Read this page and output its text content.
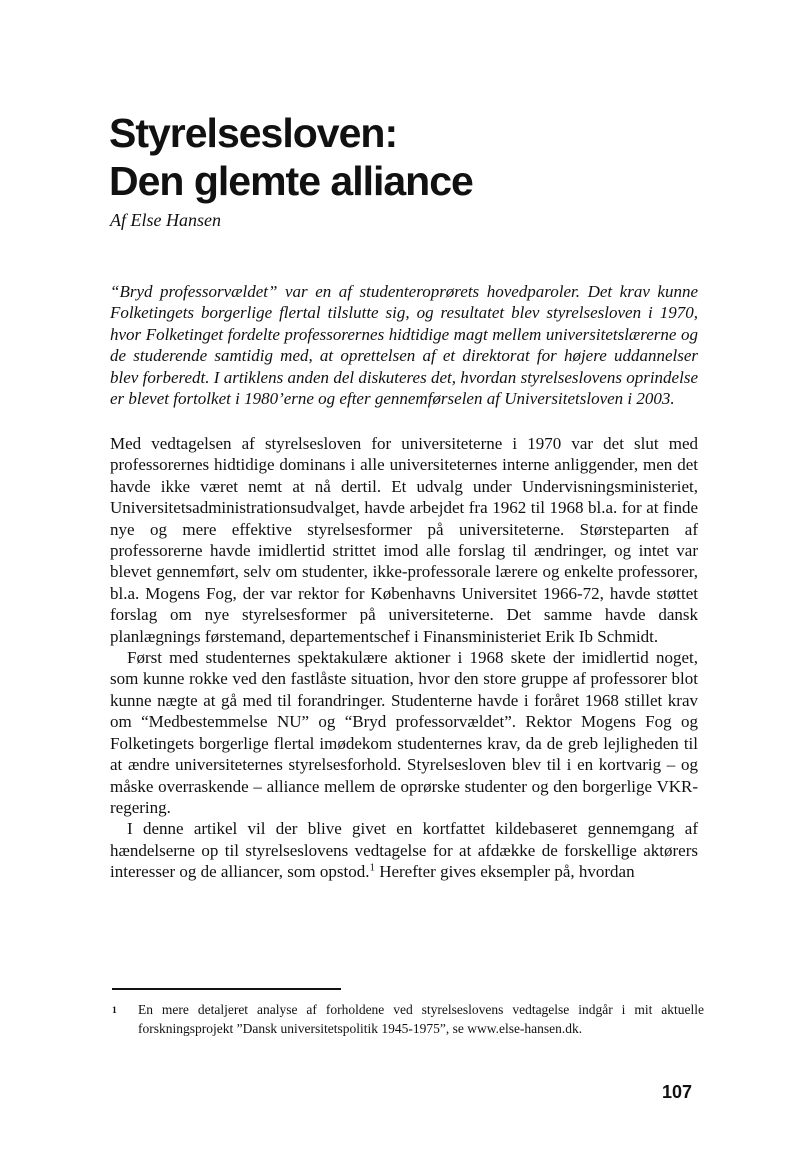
Styrelsesloven:
Den glemte alliance
Af Else Hansen
“Bryd professorvældet” var en af studenteroprørets hovedparoler. Det krav kunne Folketingets borgerlige flertal tilslutte sig, og resultatet blev styrelsesloven i 1970, hvor Folketinget fordelte professorernes hidtidige magt mellem universitetslærerne og de studerende samtidig med, at oprettelsen af et direktorat for højere uddannelser blev forberedt. I artiklens anden del diskuteres det, hvordan styrelseslovens oprindelse er blevet fortolket i 1980’erne og efter gennemførselen af Universitetsloven i 2003.

Med vedtagelsen af styrelsesloven for universiteterne i 1970 var det slut med professorernes hidtidige dominans i alle universiteternes interne anliggender, men det havde ikke været nemt at nå dertil. Et udvalg under Undervisningsministeriet, Universitetsadministrationsudvalget, havde arbejdet fra 1962 til 1968 bl.a. for at finde nye og mere effektive styrelsesformer på universiteterne. Størsteparten af professorerne havde imidlertid strittet imod alle forslag til ændringer, og intet var blevet gennemført, selv om studenter, ikke-professorale lærere og enkelte professorer, bl.a. Mogens Fog, der var rektor for Københavns Universitet 1966-72, havde støttet forslag om nye styrelsesformer på universiteterne. Det samme havde dansk planlægnings førstemand, departementschef i Finansministeriet Erik Ib Schmidt.

Først med studenternes spektakulære aktioner i 1968 skete der imidlertid noget, som kunne rokke ved den fastlåste situation, hvor den store gruppe af professorer blot kunne nægte at gå med til forandringer. Studenterne havde i foråret 1968 stillet krav om “Medbestemmelse NU” og “Bryd professorvældet”. Rektor Mogens Fog og Folketingets borgerlige flertal imødekom studenternes krav, da de greb lejligheden til at ændre universiteternes styrelsesforhold. Styrelsesloven blev til i en kortvarig – og måske overraskende – alliance mellem de oprørske studenter og den borgerlige VKR-regering.

I denne artikel vil der blive givet en kortfattet kildebaseret gennemgang af hændelserne op til styrelseslovens vedtagelse for at afdække de forskellige aktørers interesser og de alliancer, som opstod.$^1$ Herefter gives eksempler på, hvordan

1	En mere detaljeret analyse af forholdene ved styrelseslovens vedtagelse indgår i mit aktuelle forskningsprojekt ”Dansk universitetspolitik 1945-1975”, se www.else-hansen.dk.
107
